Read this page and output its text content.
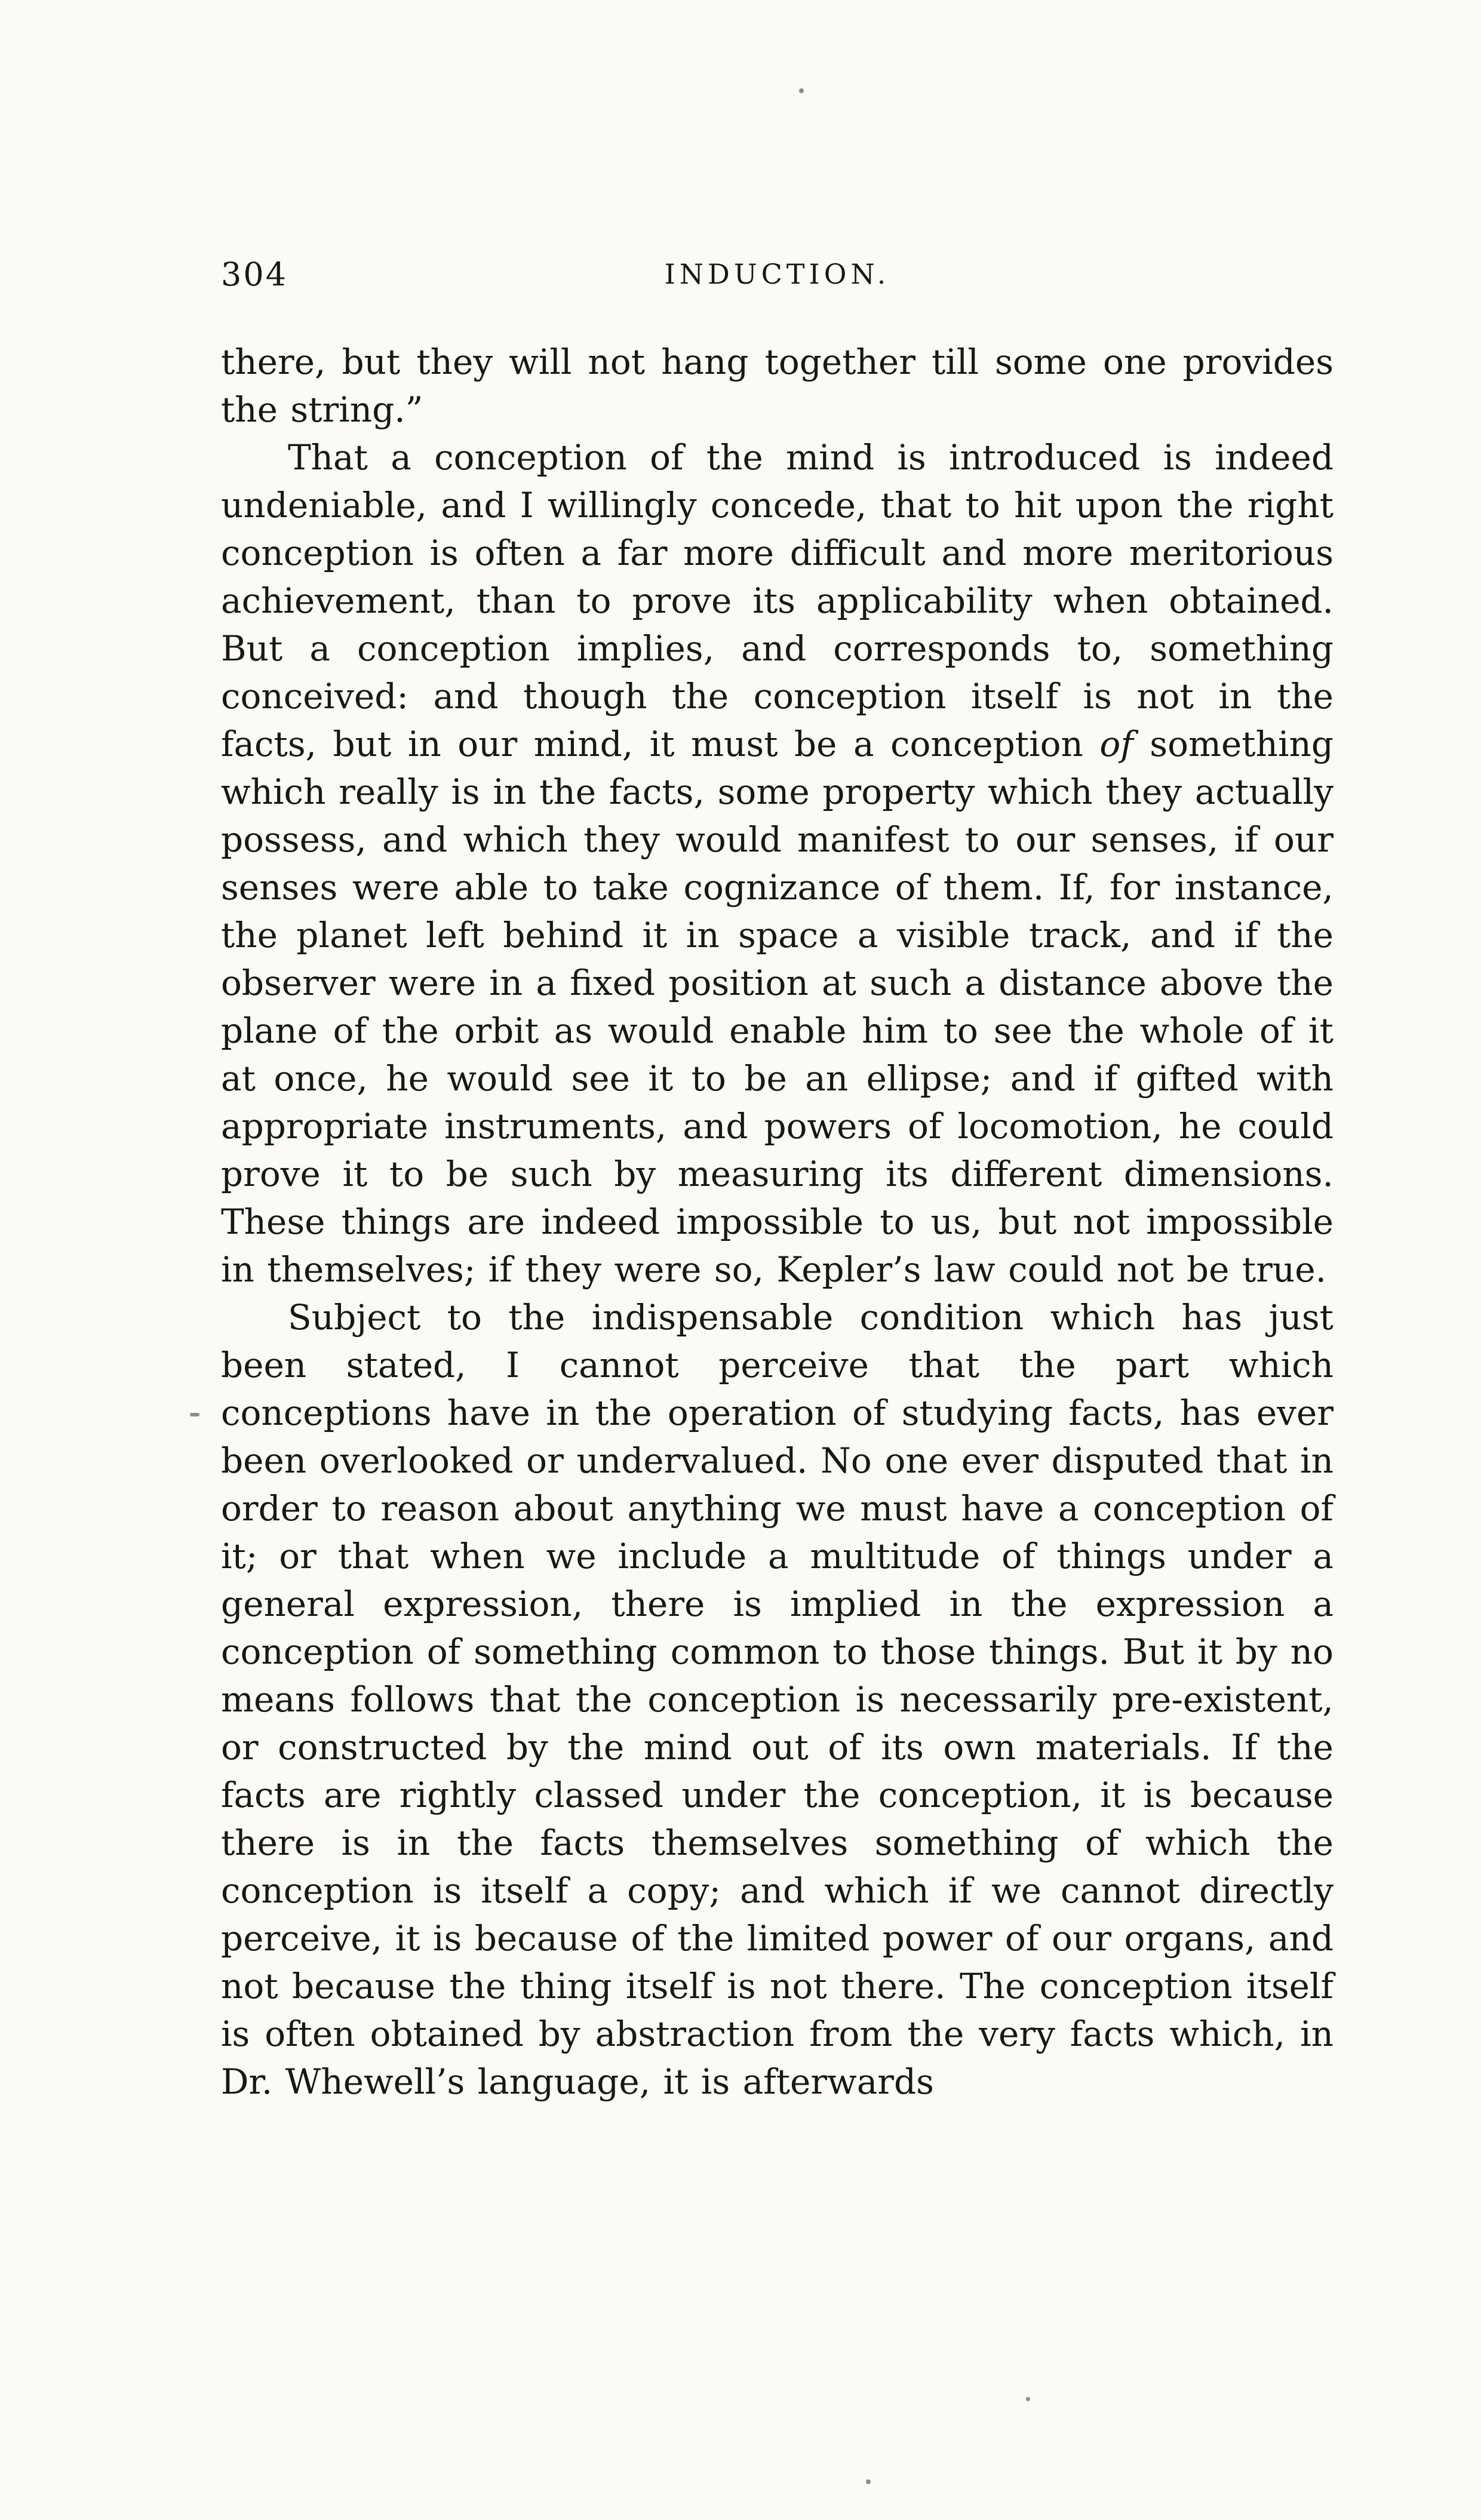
304	INDUCTION.

there, but they will not hang together till some one provides the string.”

That a conception of the mind is introduced is indeed undeniable, and I willingly concede, that to hit upon the right conception is often a far more difficult and more meritorious achievement, than to prove its applicability when obtained. But a conception implies, and corresponds to, something conceived: and though the conception itself is not in the facts, but in our mind, it must be a conception of something which really is in the facts, some property which they actually possess, and which they would manifest to our senses, if our senses were able to take cognizance of them. If, for instance, the planet left behind it in space a visible track, and if the observer were in a fixed position at such a distance above the plane of the orbit as would enable him to see the whole of it at once, he would see it to be an ellipse; and if gifted with appropriate instruments, and powers of locomotion, he could prove it to be such by measuring its different dimensions. These things are indeed impossible to us, but not impossible in themselves; if they were so, Kepler’s law could not be true.

Subject to the indispensable condition which has just been stated, I cannot perceive that the part which conceptions have in the operation of studying facts, has ever been overlooked or undervalued. No one ever disputed that in order to reason about anything we must have a conception of it; or that when we include a multitude of things under a general expression, there is implied in the expression a conception of something common to those things. But it by no means follows that the conception is necessarily pre-existent, or constructed by the mind out of its own materials. If the facts are rightly classed under the conception, it is because there is in the facts themselves something of which the conception is itself a copy; and which if we cannot directly perceive, it is because of the limited power of our organs, and not because the thing itself is not there. The conception itself is often obtained by abstraction from the very facts which, in Dr. Whewell’s language, it is afterwards
